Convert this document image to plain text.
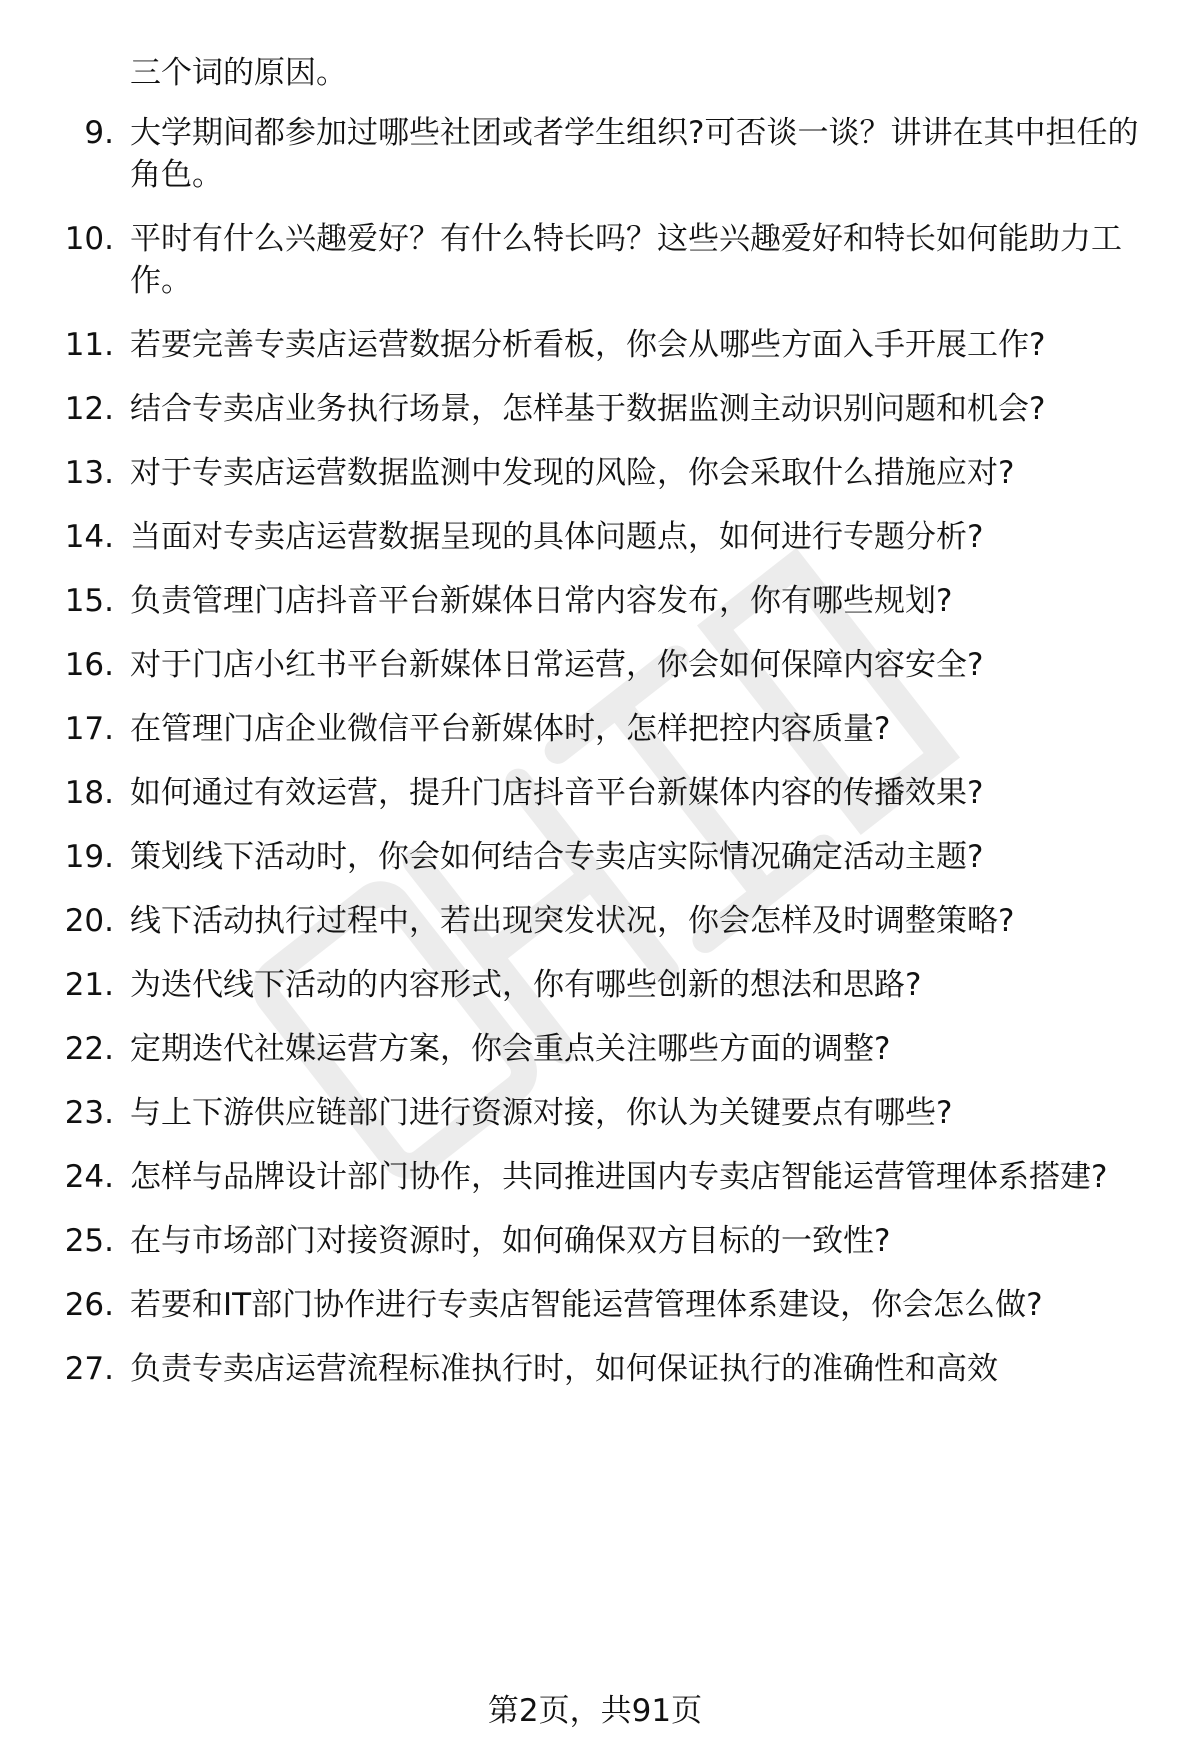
三个词的原因。

9. 大学期间都参加过哪些社团或者学生组织?可否谈一谈？讲讲在其中担任的角色。
10. 平时有什么兴趣爱好？有什么特长吗？这些兴趣爱好和特长如何能助力工作。
11. 若要完善专卖店运营数据分析看板，你会从哪些方面入手开展工作?
12. 结合专卖店业务执行场景，怎样基于数据监测主动识别问题和机会?
13. 对于专卖店运营数据监测中发现的风险，你会采取什么措施应对?
14. 当面对专卖店运营数据呈现的具体问题点，如何进行专题分析?
15. 负责管理门店抖音平台新媒体日常内容发布，你有哪些规划?
16. 对于门店小红书平台新媒体日常运营，你会如何保障内容安全?
17. 在管理门店企业微信平台新媒体时，怎样把控内容质量?
18. 如何通过有效运营，提升门店抖音平台新媒体内容的传播效果?
19. 策划线下活动时，你会如何结合专卖店实际情况确定活动主题?
20. 线下活动执行过程中，若出现突发状况，你会怎样及时调整策略?
21. 为迭代线下活动的内容形式，你有哪些创新的想法和思路?
22. 定期迭代社媒运营方案，你会重点关注哪些方面的调整?
23. 与上下游供应链部门进行资源对接，你认为关键要点有哪些?
24. 怎样与品牌设计部门协作，共同推进国内专卖店智能运营管理体系搭建?
25. 在与市场部门对接资源时，如何确保双方目标的一致性?
26. 若要和IT部门协作进行专卖店智能运营管理体系建设，你会怎么做?
27. 负责专卖店运营流程标准执行时，如何保证执行的准确性和高效
第2页，共91页
